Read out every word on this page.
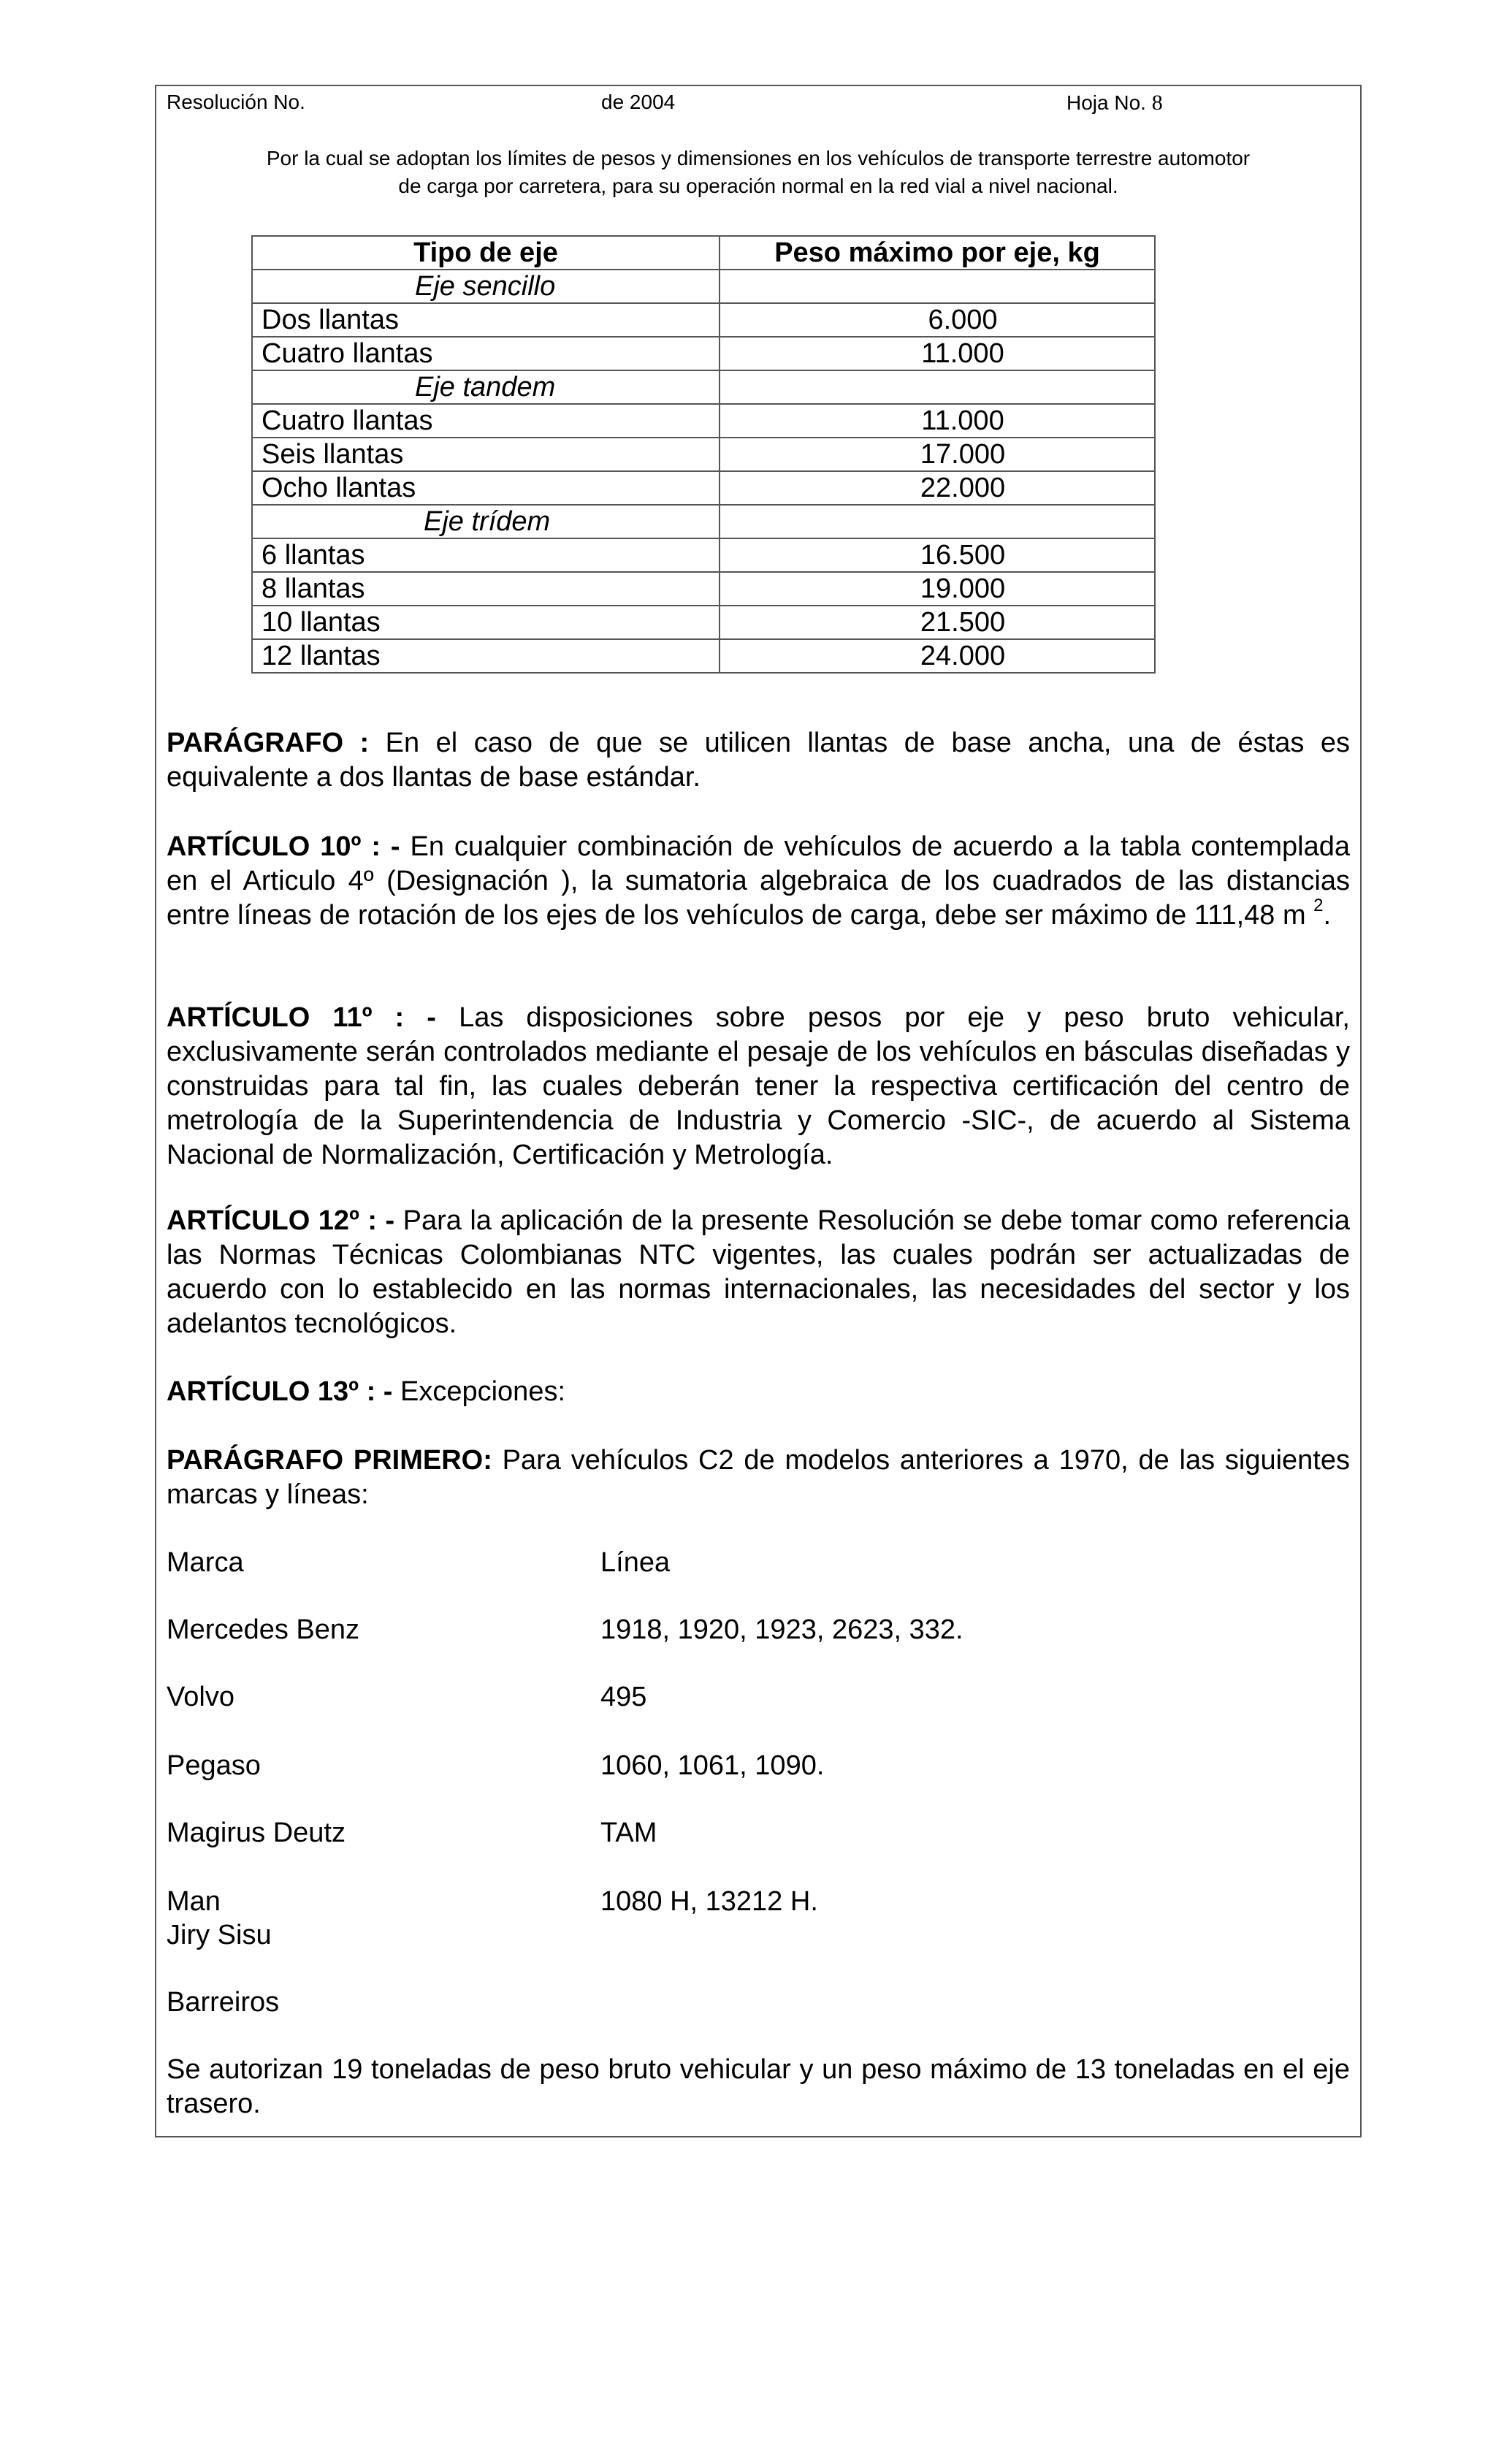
Resolución No.	de 2004	Hoja No. 8
Por la cual se adoptan los límites de pesos y dimensiones en los vehículos de transporte terrestre automotor
de carga por carretera, para su operación normal en la red vial a nivel nacional.
Tipo de eje	Peso máximo por eje, kg
Eje sencillo	
Dos llantas	6.000
Cuatro llantas	11.000
Eje tandem	
Cuatro llantas	11.000
Seis llantas	17.000
Ocho llantas	22.000
Eje trídem	
6 llantas	16.500
8 llantas	19.000
10 llantas	21.500
12 llantas	24.000
PARÁGRAFO : En el caso de que se utilicen llantas de base ancha, una de éstas es equivalente a dos llantas de base estándar.
ARTÍCULO 10º : - En cualquier combinación de vehículos de acuerdo a la tabla contemplada en el Articulo 4º (Designación ), la sumatoria algebraica de los cuadrados de las distancias entre líneas de rotación de los ejes de los vehículos de carga, debe ser máximo de 111,48 m $^2$.
ARTÍCULO 11º : - Las disposiciones sobre pesos por eje y peso bruto vehicular, exclusivamente serán controlados mediante el pesaje de los vehículos en básculas diseñadas y construidas para tal fin, las cuales deberán tener la respectiva certificación del centro de metrología de la Superintendencia de Industria y Comercio -SIC-, de acuerdo al Sistema Nacional de Normalización, Certificación y Metrología.
ARTÍCULO 12º : - Para la aplicación de la presente Resolución se debe tomar como referencia las Normas Técnicas Colombianas NTC vigentes, las cuales podrán ser actualizadas de acuerdo con lo establecido en las normas internacionales, las necesidades del sector y los adelantos tecnológicos.
ARTÍCULO 13º : - Excepciones:
PARÁGRAFO PRIMERO: Para vehículos C2 de modelos anteriores a 1970, de las siguientes marcas y líneas:
Marca	Línea
Mercedes Benz	1918, 1920, 1923, 2623, 332.
Volvo	495
Pegaso	1060, 1061, 1090.
Magirus Deutz	TAM
Man	1080 H, 13212 H.
Jiry Sisu
Barreiros
Se autorizan 19 toneladas de peso bruto vehicular y un peso máximo de 13 toneladas en el eje trasero.
